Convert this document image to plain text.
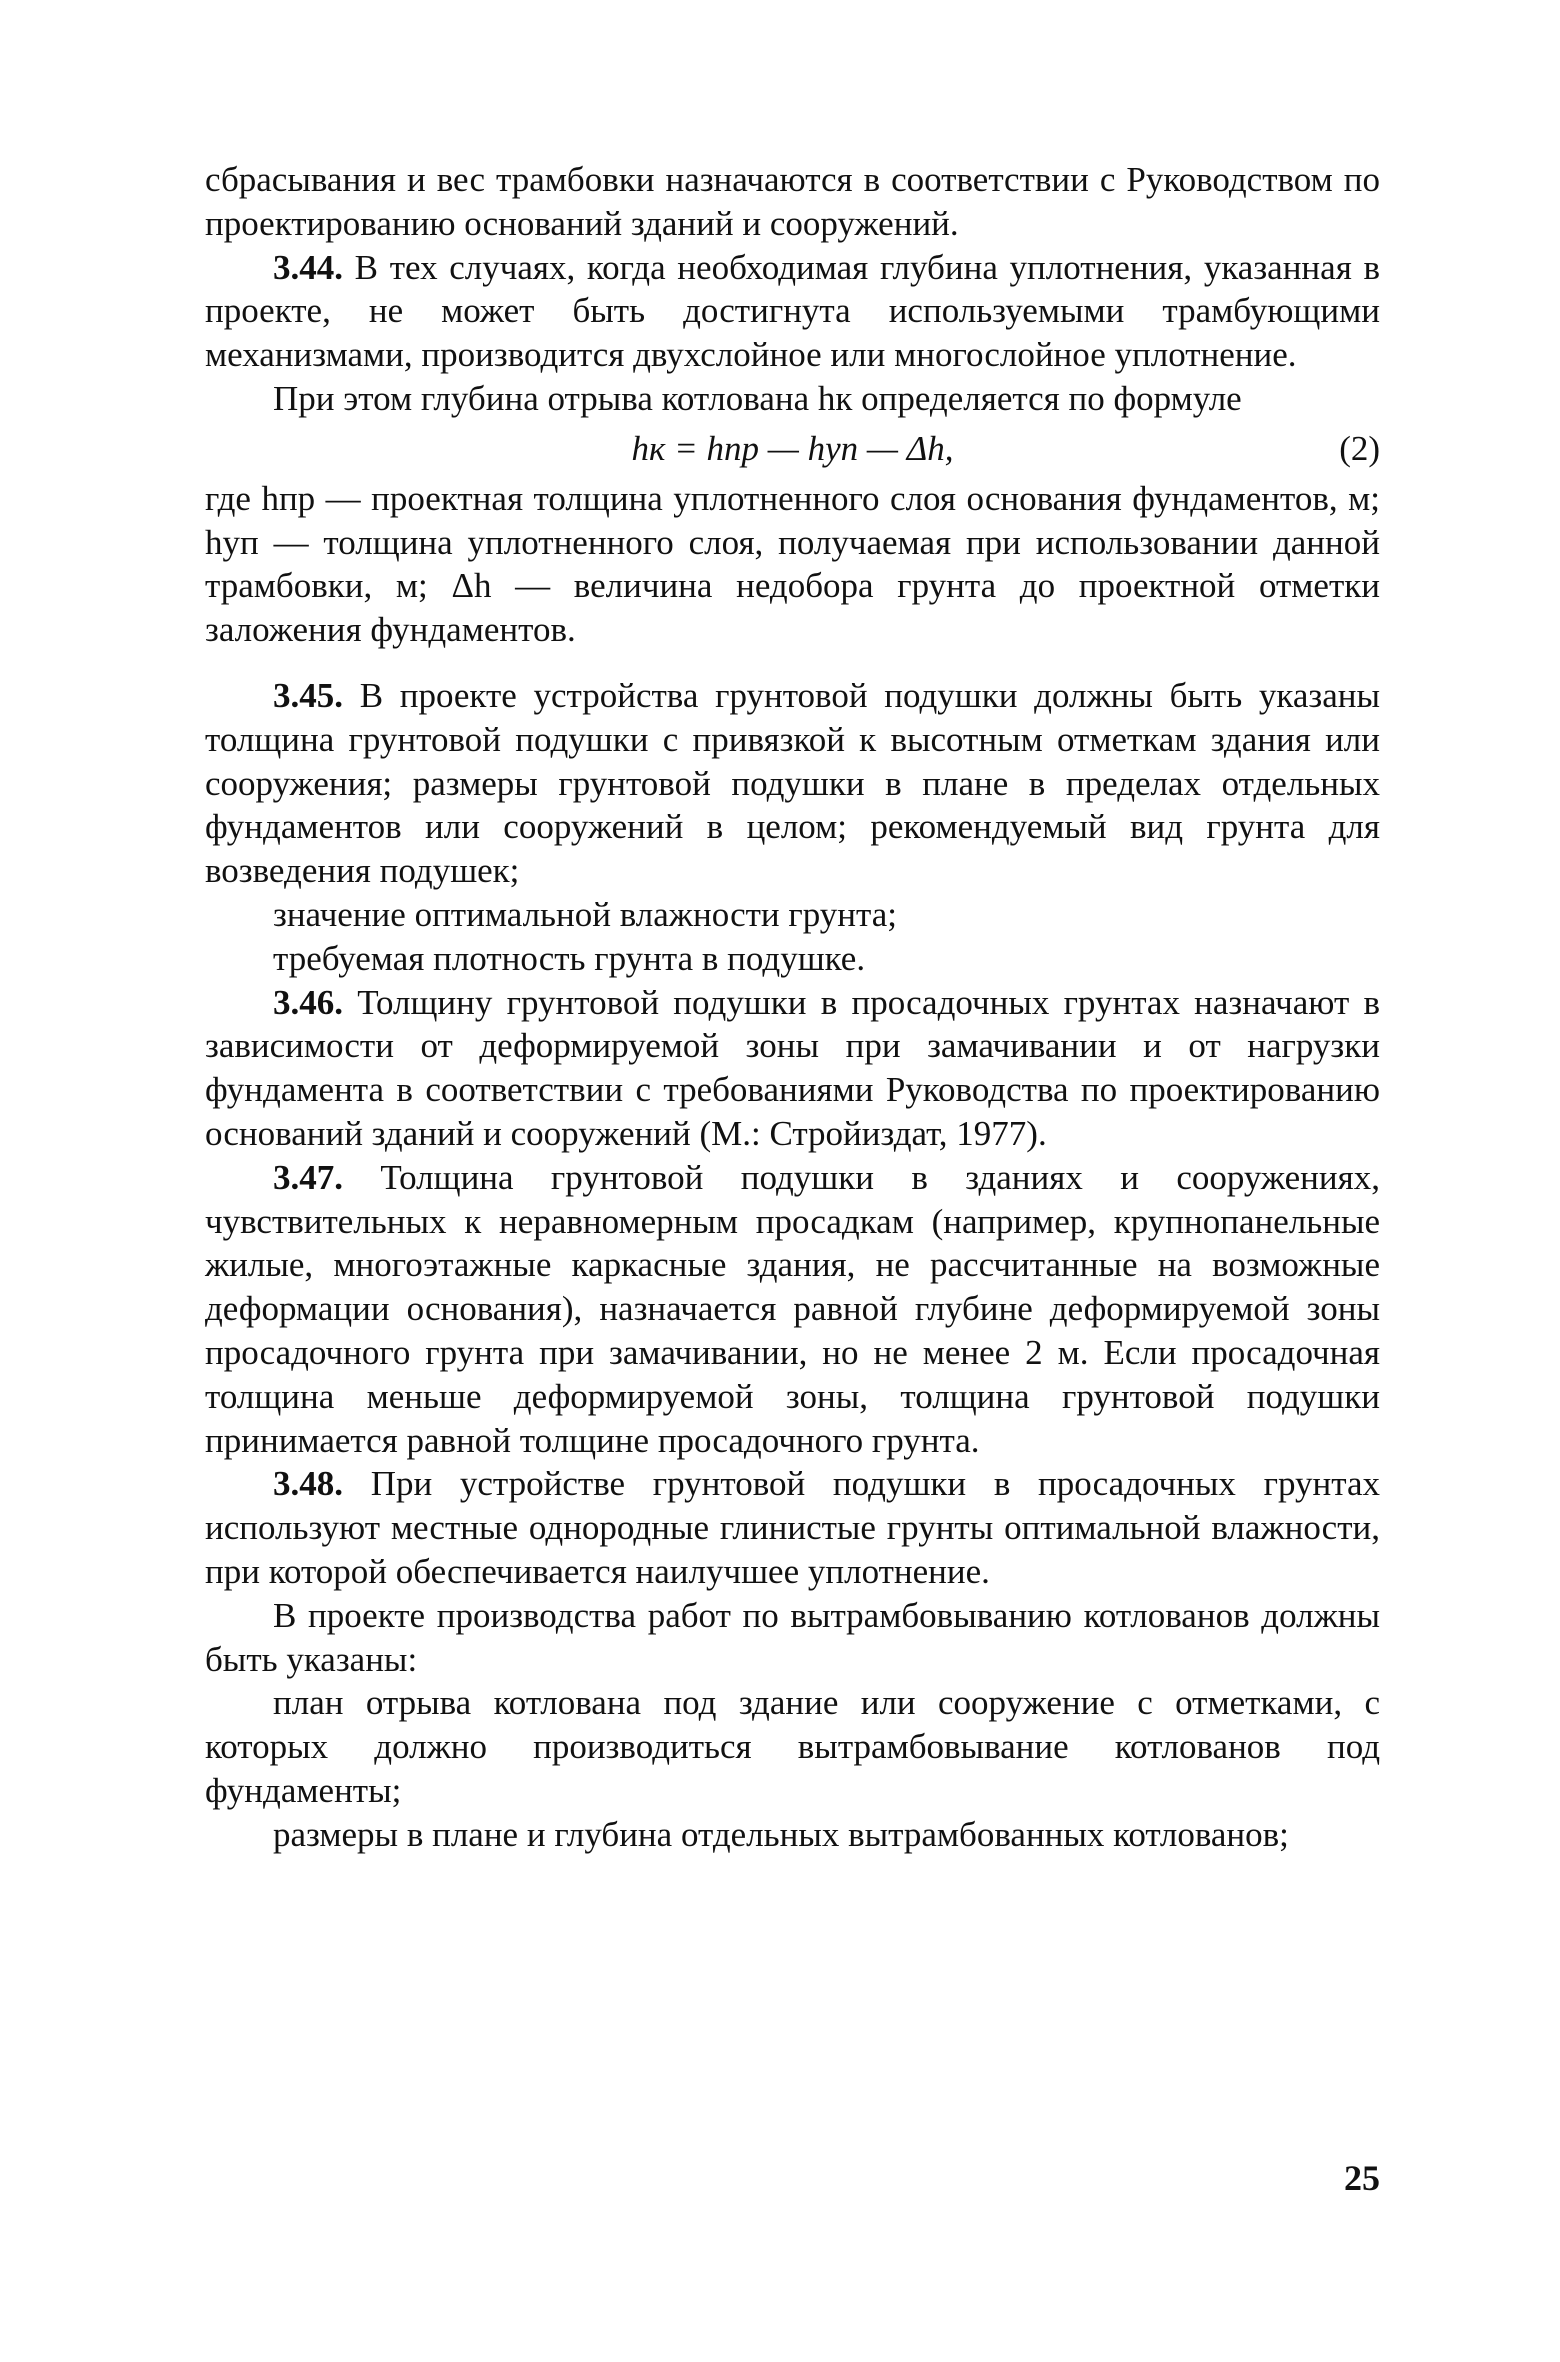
сбрасывания и вес трамбовки назначаются в соответствии с Руководством по проектированию оснований зданий и сооружений.

3.44. В тех случаях, когда необходимая глубина уплотнения, указанная в проекте, не может быть достигнута используемыми трамбующими механизмами, производится двухслойное или многослойное уплотнение.

При этом глубина отрыва котлована hк определяется по формуле

hк = hпр — hуп — Δh,	(2)

где hпр — проектная толщина уплотненного слоя основания фундаментов, м; hуп — толщина уплотненного слоя, получаемая при использовании данной трамбовки, м; Δh — величина недобора грунта до проектной отметки заложения фундаментов.

3.45. В проекте устройства грунтовой подушки должны быть указаны толщина грунтовой подушки с привязкой к высотным отметкам здания или сооружения; размеры грунтовой подушки в плане в пределах отдельных фундаментов или сооружений в целом; рекомендуемый вид грунта для возведения подушек;

значение оптимальной влажности грунта;

требуемая плотность грунта в подушке.

3.46. Толщину грунтовой подушки в просадочных грунтах назначают в зависимости от деформируемой зоны при замачивании и от нагрузки фундамента в соответствии с требованиями Руководства по проектированию оснований зданий и сооружений (М.: Стройиздат, 1977).

3.47. Толщина грунтовой подушки в зданиях и сооружениях, чувствительных к неравномерным просадкам (например, крупнопанельные жилые, многоэтажные каркасные здания, не рассчитанные на возможные деформации основания), назначается равной глубине деформируемой зоны просадочного грунта при замачивании, но не менее 2 м. Если просадочная толщина меньше деформируемой зоны, толщина грунтовой подушки принимается равной толщине просадочного грунта.

3.48. При устройстве грунтовой подушки в просадочных грунтах используют местные однородные глинистые грунты оптимальной влажности, при которой обеспечивается наилучшее уплотнение.

В проекте производства работ по вытрамбовыванию котлованов должны быть указаны:

план отрыва котлована под здание или сооружение с отметками, с которых должно производиться вытрамбовывание котлованов под фундаменты;

размеры в плане и глубина отдельных вытрамбованных котлованов;

25
